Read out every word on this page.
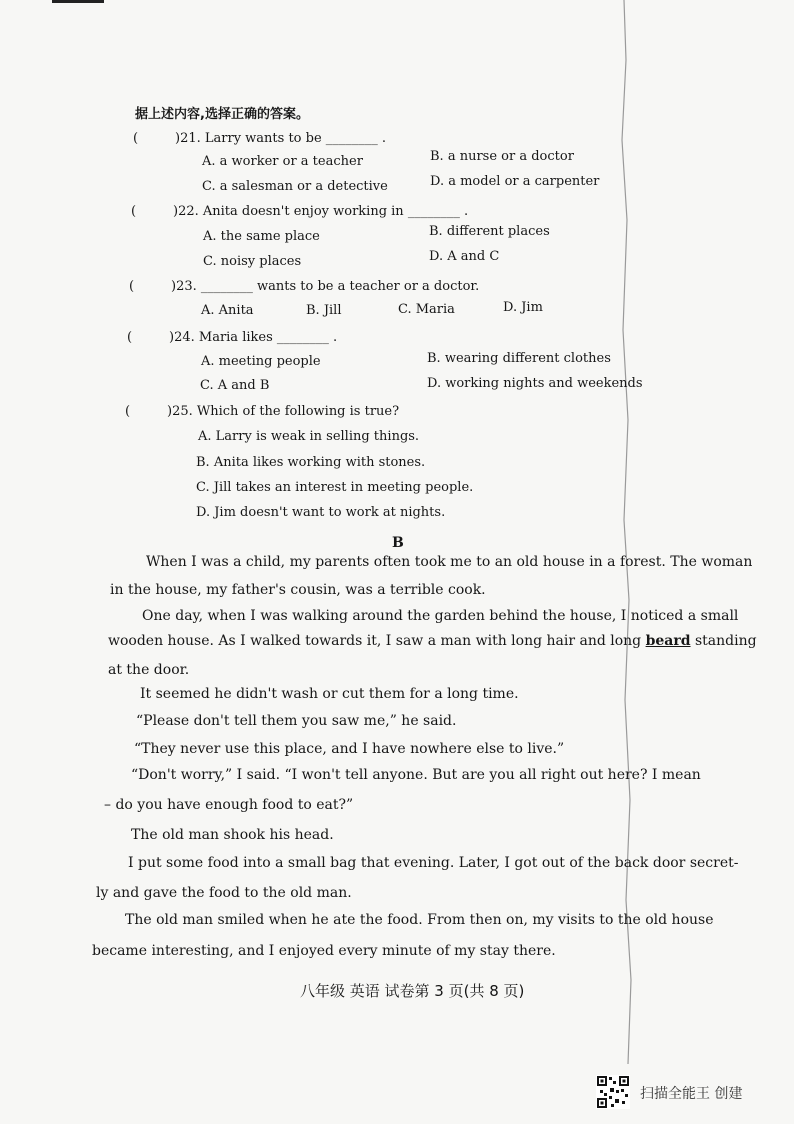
据上述内容,选择正确的答案。
(	)21. Larry wants to be ________ .
A. a worker or a teacher	B. a nurse or a doctor
C. a salesman or a detective	D. a model or a carpenter
(	)22. Anita doesn't enjoy working in ________ .
A. the same place	B. different places
C. noisy places	D. A and C
(	)23. ________ wants to be a teacher or a doctor.
A. Anita	B. Jill	C. Maria	D. Jim
(	)24. Maria likes ________ .
A. meeting people	B. wearing different clothes
C. A and B	D. working nights and weekends
(	)25. Which of the following is true?
A. Larry is weak in selling things.
B. Anita likes working with stones.
C. Jill takes an interest in meeting people.
D. Jim doesn't want to work at nights.
B
When I was a child, my parents often took me to an old house in a forest. The woman
in the house, my father's cousin, was a terrible cook.
One day, when I was walking around the garden behind the house, I noticed a small
wooden house. As I walked towards it, I saw a man with long hair and long beard standing
at the door.
It seemed he didn't wash or cut them for a long time.
“Please don't tell them you saw me,” he said.
“They never use this place, and I have nowhere else to live.”
“Don't worry,” I said. “I won't tell anyone. But are you all right out here? I mean
– do you have enough food to eat?”
The old man shook his head.
I put some food into a small bag that evening. Later, I got out of the back door secret-
ly and gave the food to the old man.
The old man smiled when he ate the food. From then on, my visits to the old house
became interesting, and I enjoyed every minute of my stay there.
八年级 英语 试卷第 3 页(共 8 页)
扫描全能王 创建
